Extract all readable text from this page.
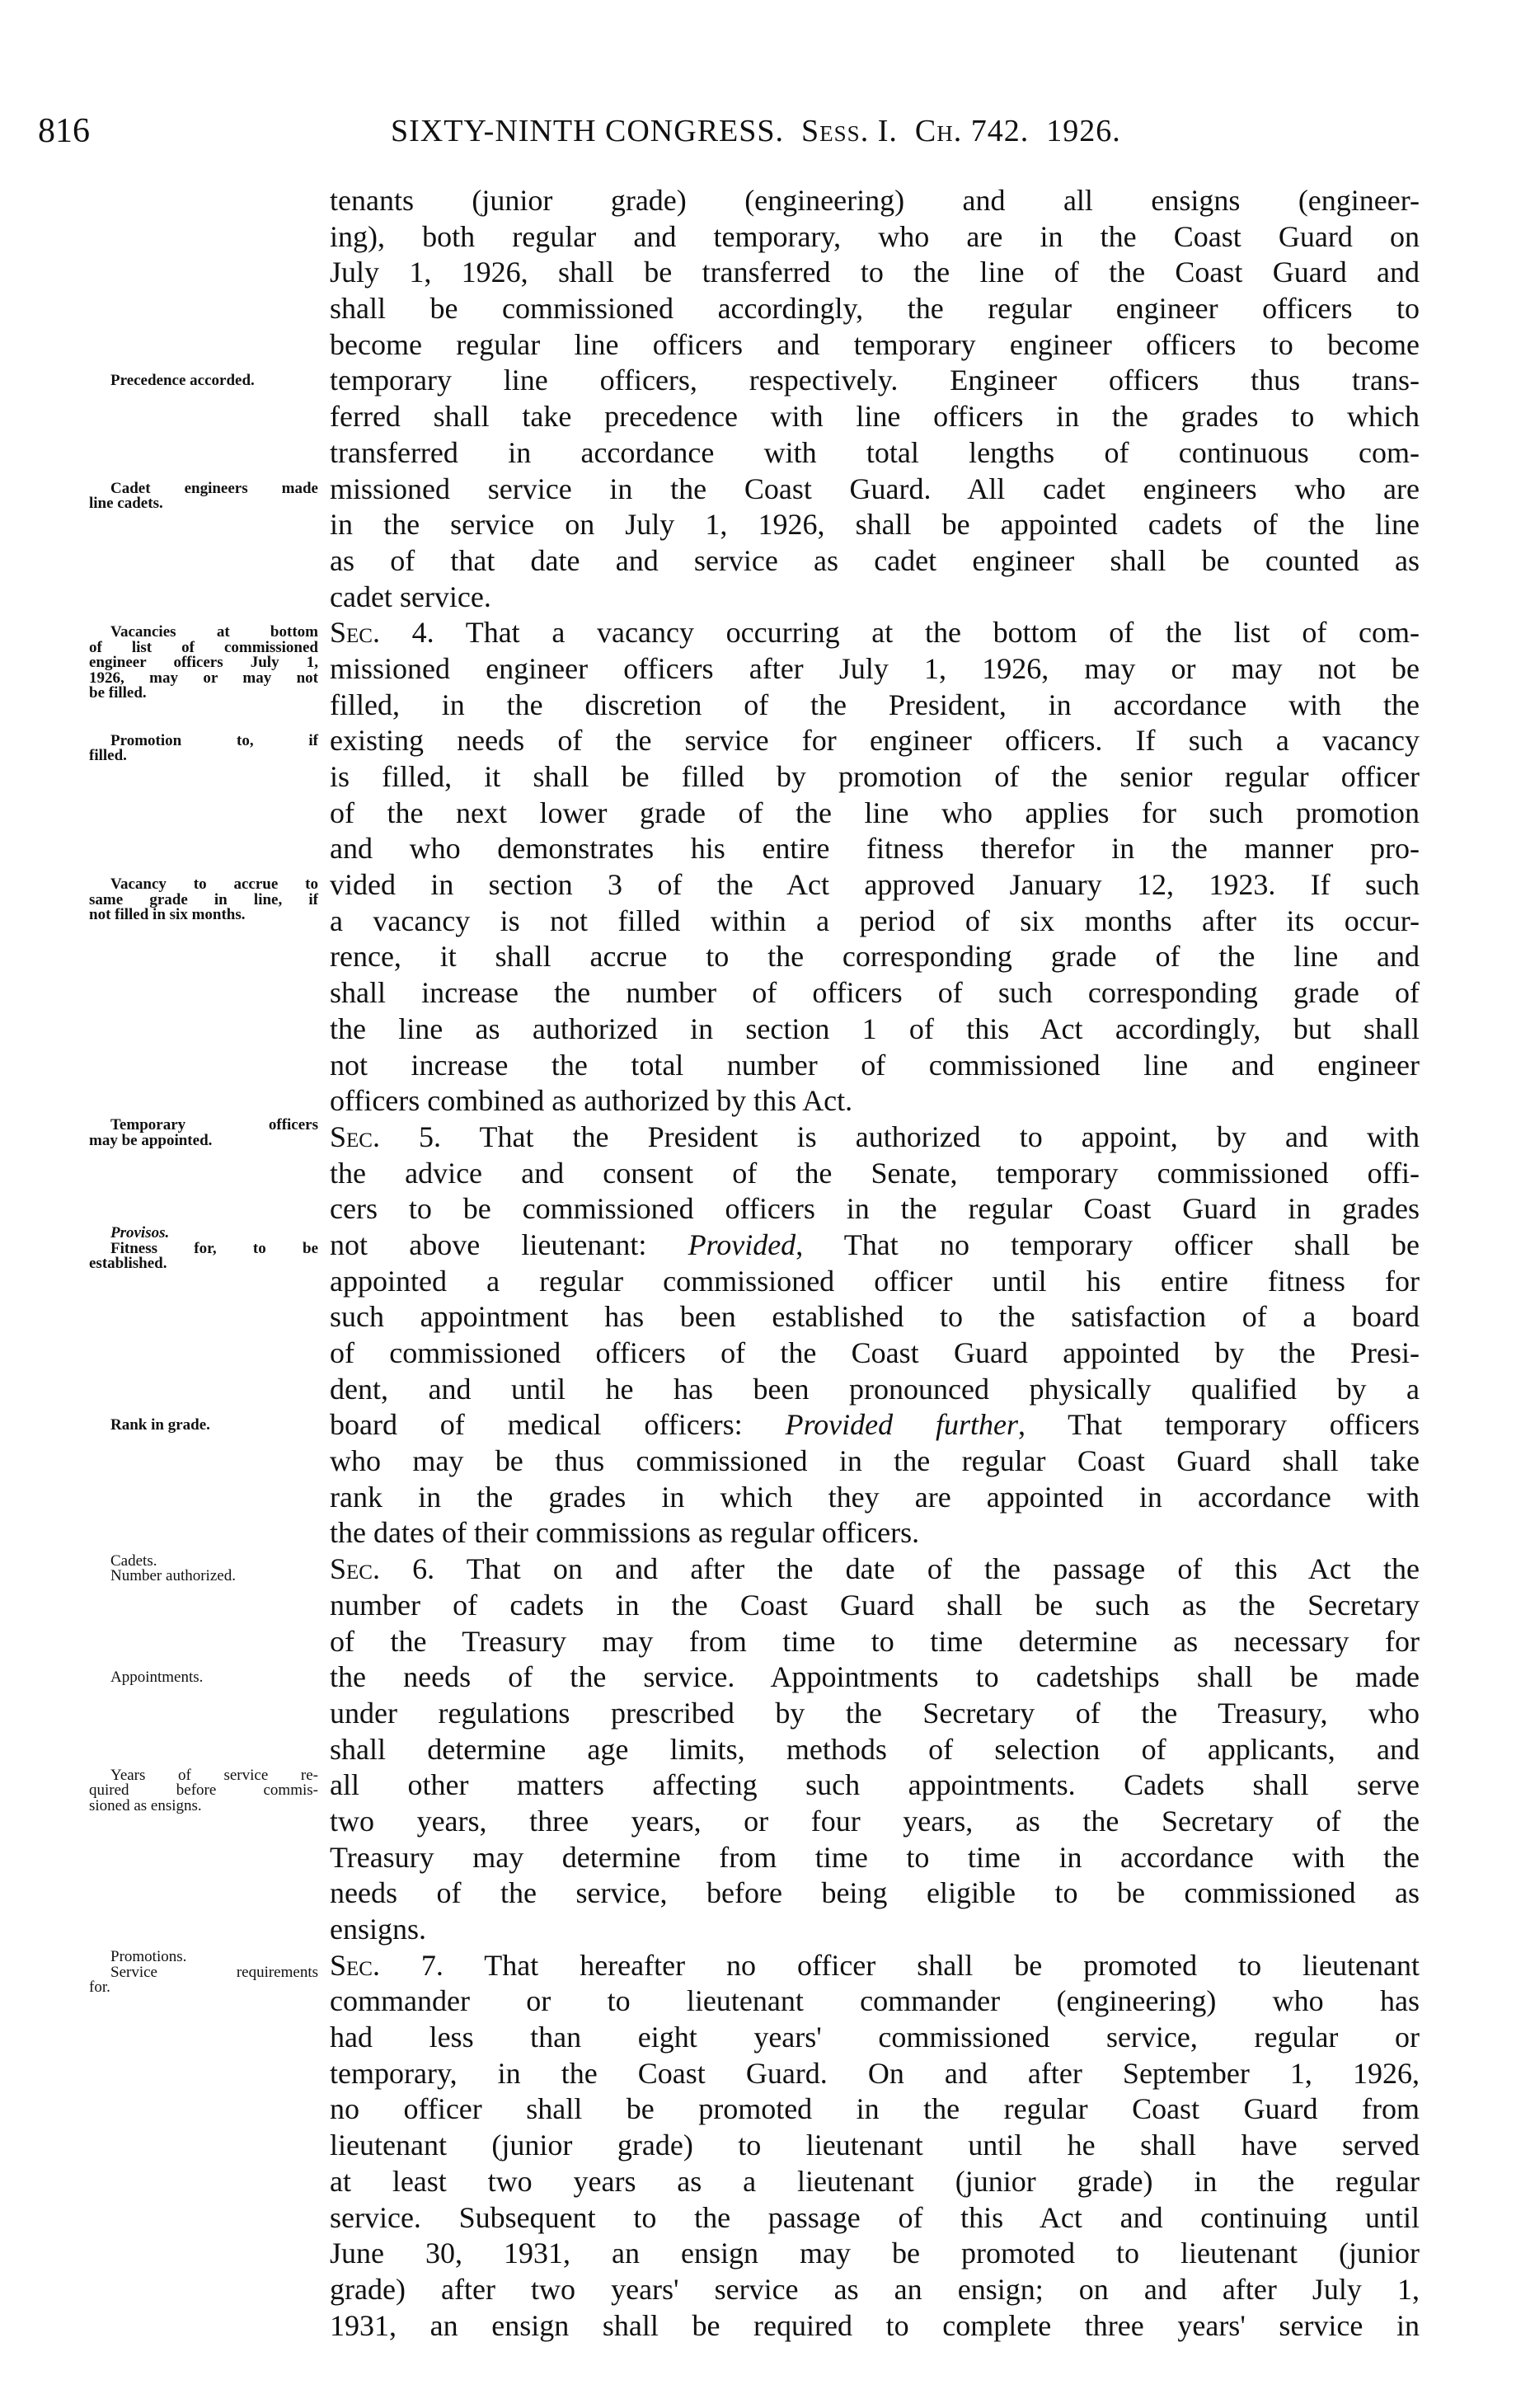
816	SIXTY-NINTH CONGRESS. Sess. I. Ch. 742. 1926.
tenants (junior grade) (engineering) and all ensigns (engineer-
ing), both regular and temporary, who are in the Coast Guard on
July 1, 1926, shall be transferred to the line of the Coast Guard and
shall be commissioned accordingly, the regular engineer officers to
become regular line officers and temporary engineer officers to become
temporary line officers, respectively. Engineer officers thus trans-
ferred shall take precedence with line officers in the grades to which
transferred in accordance with total lengths of continuous com-
missioned service in the Coast Guard. All cadet engineers who are
in the service on July 1, 1926, shall be appointed cadets of the line
as of that date and service as cadet engineer shall be counted as
cadet service.
Sec. 4. That a vacancy occurring at the bottom of the list of com-
missioned engineer officers after July 1, 1926, may or may not be
filled, in the discretion of the President, in accordance with the
existing needs of the service for engineer officers. If such a vacancy
is filled, it shall be filled by promotion of the senior regular officer
of the next lower grade of the line who applies for such promotion
and who demonstrates his entire fitness therefor in the manner pro-
vided in section 3 of the Act approved January 12, 1923. If such
a vacancy is not filled within a period of six months after its occur-
rence, it shall accrue to the corresponding grade of the line and
shall increase the number of officers of such corresponding grade of
the line as authorized in section 1 of this Act accordingly, but shall
not increase the total number of commissioned line and engineer
officers combined as authorized by this Act.
Sec. 5. That the President is authorized to appoint, by and with
the advice and consent of the Senate, temporary commissioned offi-
cers to be commissioned officers in the regular Coast Guard in grades
not above lieutenant: Provided, That no temporary officer shall be
appointed a regular commissioned officer until his entire fitness for
such appointment has been established to the satisfaction of a board
of commissioned officers of the Coast Guard appointed by the Presi-
dent, and until he has been pronounced physically qualified by a
board of medical officers: Provided further, That temporary officers
who may be thus commissioned in the regular Coast Guard shall take
rank in the grades in which they are appointed in accordance with
the dates of their commissions as regular officers.
Sec. 6. That on and after the date of the passage of this Act the
number of cadets in the Coast Guard shall be such as the Secretary
of the Treasury may from time to time determine as necessary for
the needs of the service. Appointments to cadetships shall be made
under regulations prescribed by the Secretary of the Treasury, who
shall determine age limits, methods of selection of applicants, and
all other matters affecting such appointments. Cadets shall serve
two years, three years, or four years, as the Secretary of the
Treasury may determine from time to time in accordance with the
needs of the service, before being eligible to be commissioned as
ensigns.
Sec. 7. That hereafter no officer shall be promoted to lieutenant
commander or to lieutenant commander (engineering) who has
had less than eight years' commissioned service, regular or
temporary, in the Coast Guard. On and after September 1, 1926,
no officer shall be promoted in the regular Coast Guard from
lieutenant (junior grade) to lieutenant until he shall have served
at least two years as a lieutenant (junior grade) in the regular
service. Subsequent to the passage of this Act and continuing until
June 30, 1931, an ensign may be promoted to lieutenant (junior
grade) after two years' service as an ensign; on and after July 1,
1931, an ensign shall be required to complete three years' service in
Precedence accorded.
Cadet engineers made
line cadets.
Vacancies at bottom
of list of commissioned
engineer officers July 1,
1926, may or may not
be filled.
Promotion to, if
filled.
Vacancy to accrue to
same grade in line, if
not filled in six months.
Temporary officers
may be appointed.
Provisos.
Fitness for, to be
established.
Rank in grade.
Cadets.
Number authorized.
Appointments.
Years of service re-
quired before commis-
sioned as ensigns.
Promotions.
Service requirements
for.
